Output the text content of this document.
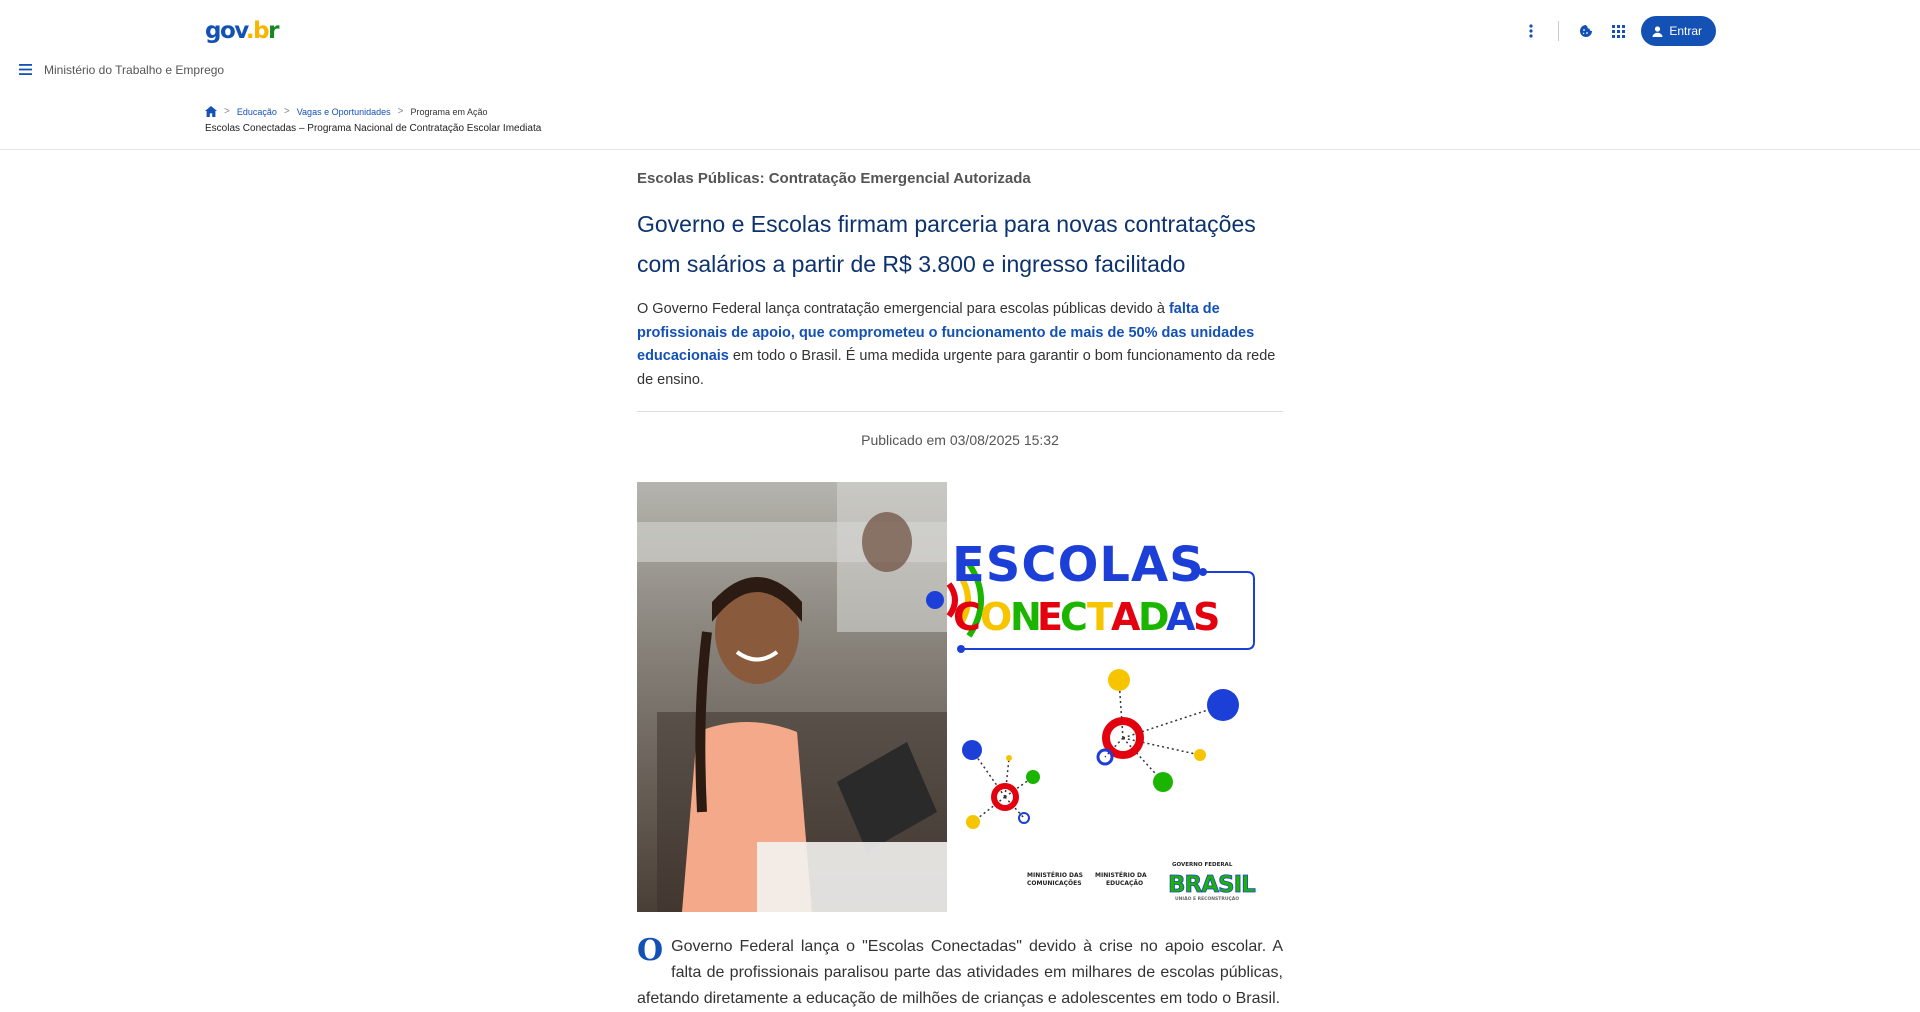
gov.br	Entrar
Ministério do Trabalho e Emprego
> Educação > Vagas e Oportunidades > Programa em Ação
Escolas Conectadas – Programa Nacional de Contratação Escolar Imediata
Escolas Públicas: Contratação Emergencial Autorizada
Governo e Escolas firmam parceria para novas contratações com salários a partir de R$ 3.800 e ingresso facilitado

O Governo Federal lança contratação emergencial para escolas públicas devido à falta de profissionais de apoio, que comprometeu o funcionamento de mais de 50% das unidades educacionais em todo o Brasil. É uma medida urgente para garantir o bom funcionamento da rede de ensino.

Publicado em 03/08/2025 15:32
ESCOLAS
C O
N
E
C T
A
D
A
S
MINISTÉRIO DAS
COMUNICAÇÕES
MINISTÉRIO DA
EDUCAÇÃO
GOVERNO FEDERAL
BRASIL
UNIÃO E RECONSTRUÇÃO

O Governo Federal lança o "Escolas Conectadas" devido à crise no apoio escolar. A falta de profissionais paralisou parte das atividades em milhares de escolas públicas, afetando diretamente a educação de milhões de crianças e adolescentes em todo o Brasil.
